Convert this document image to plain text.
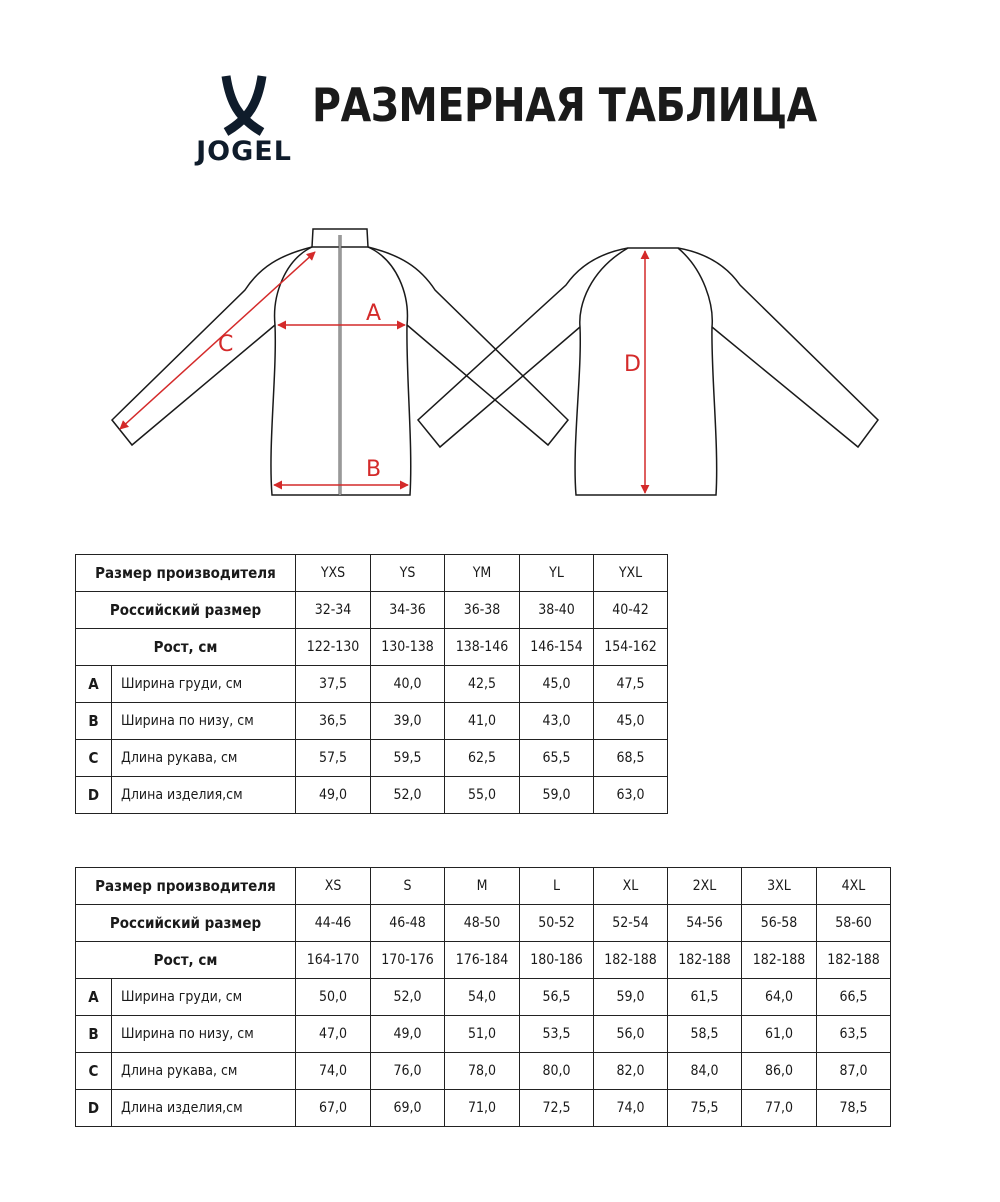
JOGEL
РАЗМЕРНАЯ ТАБЛИЦА
A
B
C
D
Размер производителя		YXS	YS	YM	YL	YXL
Российский размер		32-34	34-36	36-38	38-40	40-42
Рост, см		122-130	130-138	138-146	146-154	154-162
A	Ширина груди, см	37,5	40,0	42,5	45,0	47,5
B	Ширина по низу, см	36,5	39,0	41,0	43,0	45,0
C	Длина рукава, см	57,5	59,5	62,5	65,5	68,5
D	Длина изделия,см	49,0	52,0	55,0	59,0	63,0
Размер производителя		XS	S	M	L	XL	2XL	3XL	4XL
Российский размер		44-46	46-48	48-50	50-52	52-54	54-56	56-58	58-60
Рост, см		164-170	170-176	176-184	180-186	182-188	182-188	182-188	182-188
A	Ширина груди, см	50,0	52,0	54,0	56,5	59,0	61,5	64,0	66,5
B	Ширина по низу, см	47,0	49,0	51,0	53,5	56,0	58,5	61,0	63,5
C	Длина рукава, см	74,0	76,0	78,0	80,0	82,0	84,0	86,0	87,0
D	Длина изделия,см	67,0	69,0	71,0	72,5	74,0	75,5	77,0	78,5
